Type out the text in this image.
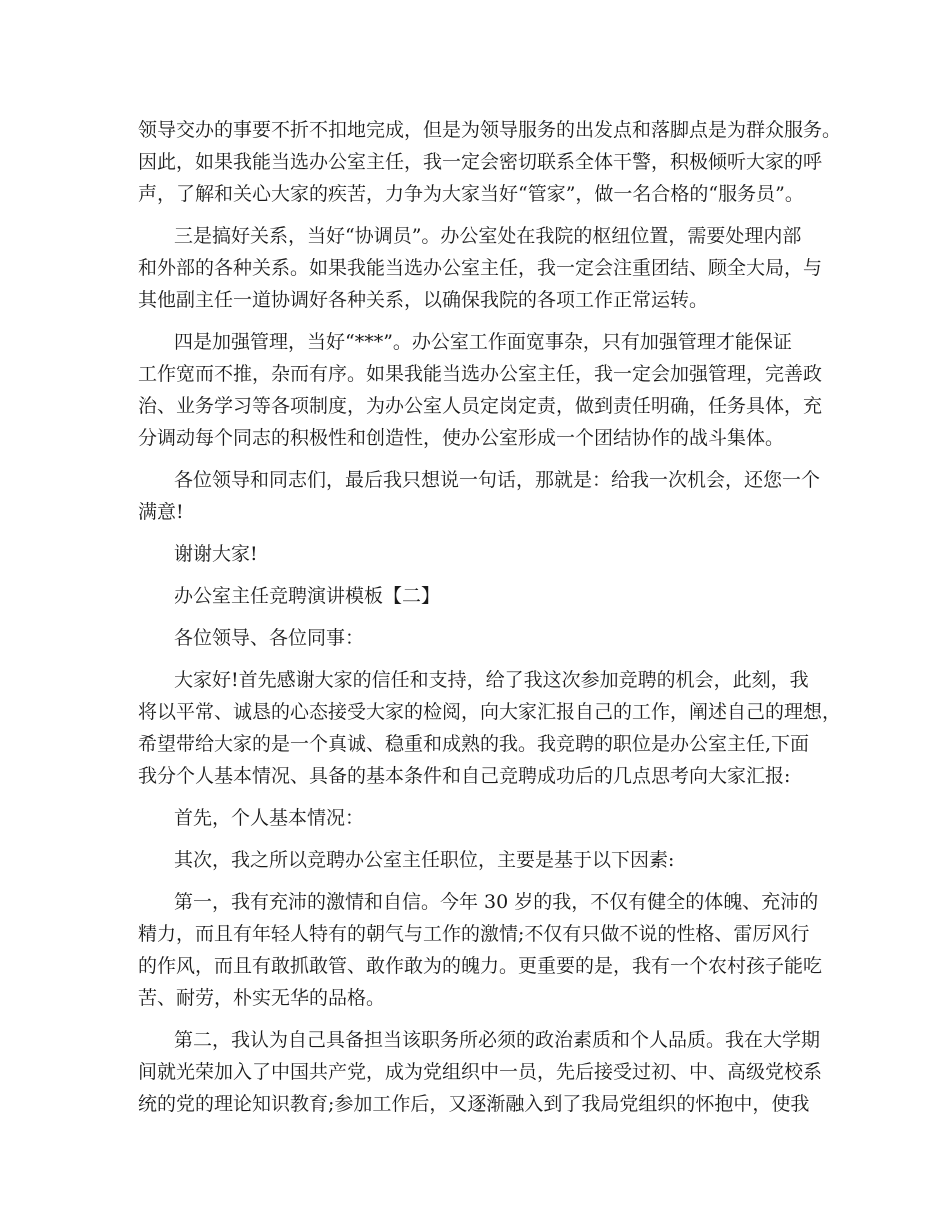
领导交办的事要不折不扣地完成，但是为领导服务的出发点和落脚点是为群众服务。
因此，如果我能当选办公室主任，我一定会密切联系全体干警，积极倾听大家的呼
声，了解和关心大家的疾苦，力争为大家当好“管家”，做一名合格的“服务员”。
三是搞好关系，当好“协调员”。办公室处在我院的枢纽位置，需要处理内部
和外部的各种关系。如果我能当选办公室主任，我一定会注重团结、顾全大局，与
其他副主任一道协调好各种关系，以确保我院的各项工作正常运转。
四是加强管理，当好“***”。办公室工作面宽事杂，只有加强管理才能保证
工作宽而不推，杂而有序。如果我能当选办公室主任，我一定会加强管理，完善政
治、业务学习等各项制度，为办公室人员定岗定责，做到责任明确，任务具体，充
分调动每个同志的积极性和创造性，使办公室形成一个团结协作的战斗集体。
各位领导和同志们，最后我只想说一句话，那就是：给我一次机会，还您一个
满意!
谢谢大家!
办公室主任竞聘演讲模板【二】
各位领导、各位同事：
大家好!首先感谢大家的信任和支持，给了我这次参加竞聘的机会，此刻，我
将以平常、诚恳的心态接受大家的检阅，向大家汇报自己的工作，阐述自己的理想，
希望带给大家的是一个真诚、稳重和成熟的我。我竞聘的职位是办公室主任,下面
我分个人基本情况、具备的基本条件和自己竞聘成功后的几点思考向大家汇报:
首先，个人基本情况：
其次，我之所以竞聘办公室主任职位，主要是基于以下因素:
第一，我有充沛的激情和自信。今年 30 岁的我，不仅有健全的体魄、充沛的
精力，而且有年轻人特有的朝气与工作的激情;不仅有只做不说的性格、雷厉风行
的作风，而且有敢抓敢管、敢作敢为的魄力。更重要的是，我有一个农村孩子能吃
苦、耐劳，朴实无华的品格。
第二，我认为自己具备担当该职务所必须的政治素质和个人品质。我在大学期
间就光荣加入了中国共产党，成为党组织中一员，先后接受过初、中、高级党校系
统的党的理论知识教育;参加工作后，又逐渐融入到了我局党组织的怀抱中，使我
